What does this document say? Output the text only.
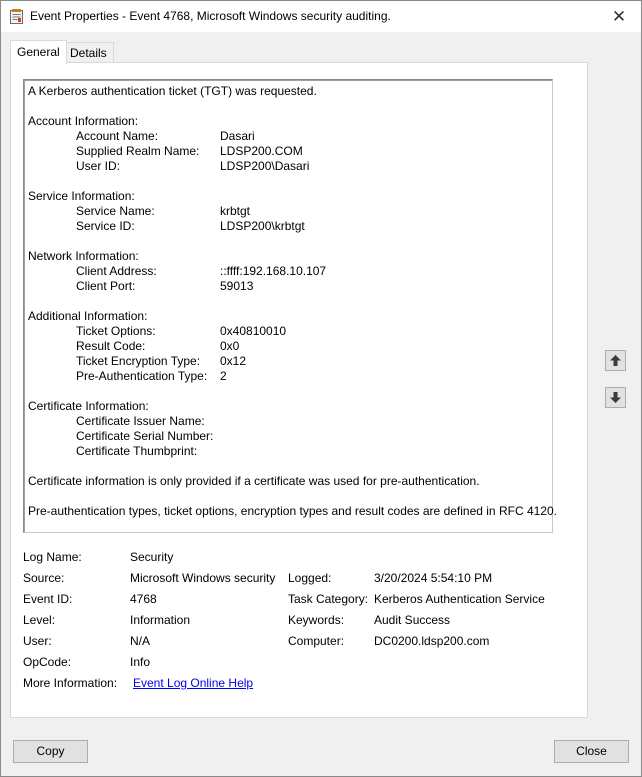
Event Properties - Event 4768, Microsoft Windows security auditing.	✕
General Details
A Kerberos authentication ticket (TGT) was requested.
Account Information:
Account Name:	Dasari
Supplied Realm Name: LDSP200.COM
User ID:	LDSP200\Dasari
Service Information:
Service Name:	krbtgt
Service ID:	LDSP200\krbtgt
Network Information:
Client Address:	::ffff:192.168.10.107
Client Port:	59013
Additional Information:
Ticket Options:	0x40810010
Result Code:	0x0
Ticket Encryption Type: 0x12
Pre-Authentication Type: 2
Certificate Information:
Certificate Issuer Name:
Certificate Serial Number:
Certificate Thumbprint:
Certificate information is only provided if a certificate was used for pre-authentication.
Pre-authentication types, ticket options, encryption types and result codes are defined in RFC 4120.
Log Name:	Security
Source:	Microsoft Windows security Logged:	3/20/2024 5:54:10 PM
Event ID:	4768	Task Category: Kerberos Authentication Service
Level:	Information	Keywords: Audit Success
User:	N/A	Computer: DC0200.ldsp200.com
OpCode:	Info
More Information: Event Log Online Help
Copy	Close
